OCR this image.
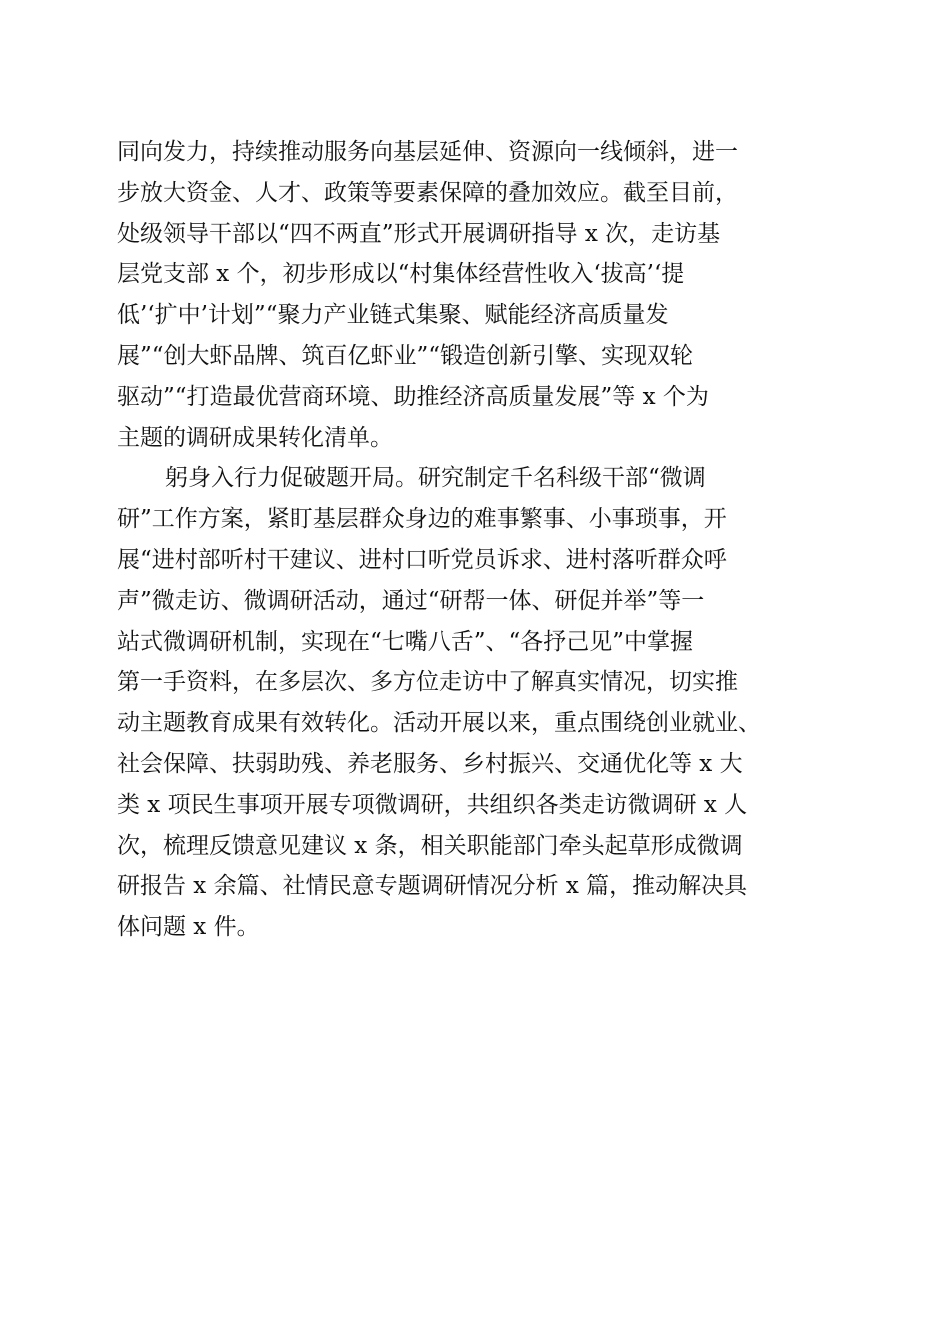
同向发力，持续推动服务向基层延伸、资源向一线倾斜，进一
步放大资金、人才、政策等要素保障的叠加效应。截至目前，
处级领导干部以“四不两直”形式开展调研指导 x 次，走访基
层党支部 x 个，初步形成以“村集体经营性收入‘拔高’‘提
低’‘扩中’计划”“聚力产业链式集聚、赋能经济高质量发
展”“创大虾品牌、筑百亿虾业”“锻造创新引擎、实现双轮
驱动”“打造最优营商环境、助推经济高质量发展”等 x 个为
主题的调研成果转化清单。
躬身入行力促破题开局。研究制定千名科级干部“微调
研”工作方案，紧盯基层群众身边的难事繁事、小事琐事，开
展“进村部听村干建议、进村口听党员诉求、进村落听群众呼
声”微走访、微调研活动，通过“研帮一体、研促并举”等一
站式微调研机制，实现在“七嘴八舌”、“各抒己见”中掌握
第一手资料，在多层次、多方位走访中了解真实情况，切实推
动主题教育成果有效转化。活动开展以来，重点围绕创业就业、
社会保障、扶弱助残、养老服务、乡村振兴、交通优化等 x 大
类 x 项民生事项开展专项微调研，共组织各类走访微调研 x 人
次，梳理反馈意见建议 x 条，相关职能部门牵头起草形成微调
研报告 x 余篇、社情民意专题调研情况分析 x 篇，推动解决具
体问题 x 件。
